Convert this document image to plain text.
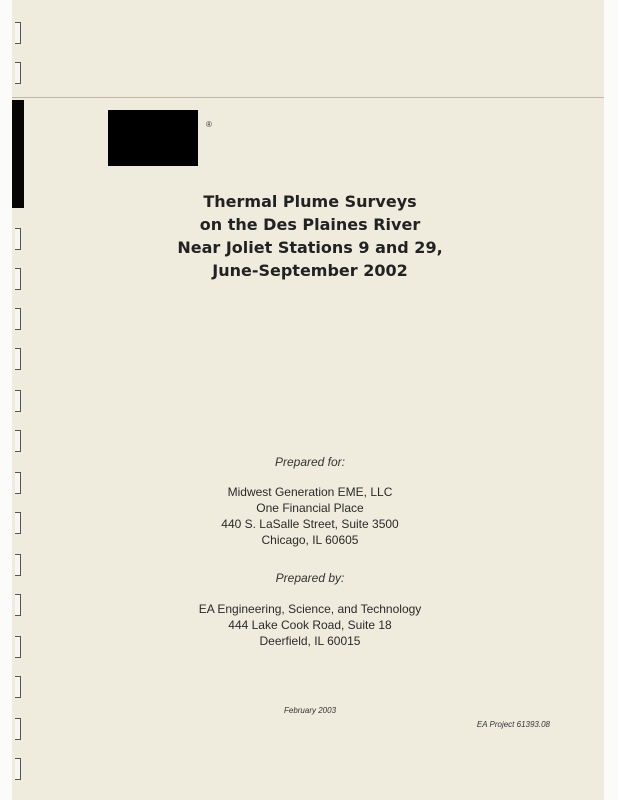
®
Thermal Plume Surveys
on the Des Plaines River
Near Joliet Stations 9 and 29,
June-September 2002
Prepared for:
Midwest Generation EME, LLC
One Financial Place
440 S. LaSalle Street, Suite 3500
Chicago, IL 60605
Prepared by:
EA Engineering, Science, and Technology
444 Lake Cook Road, Suite 18
Deerfield, IL 60015
February 2003
EA Project 61393.08
